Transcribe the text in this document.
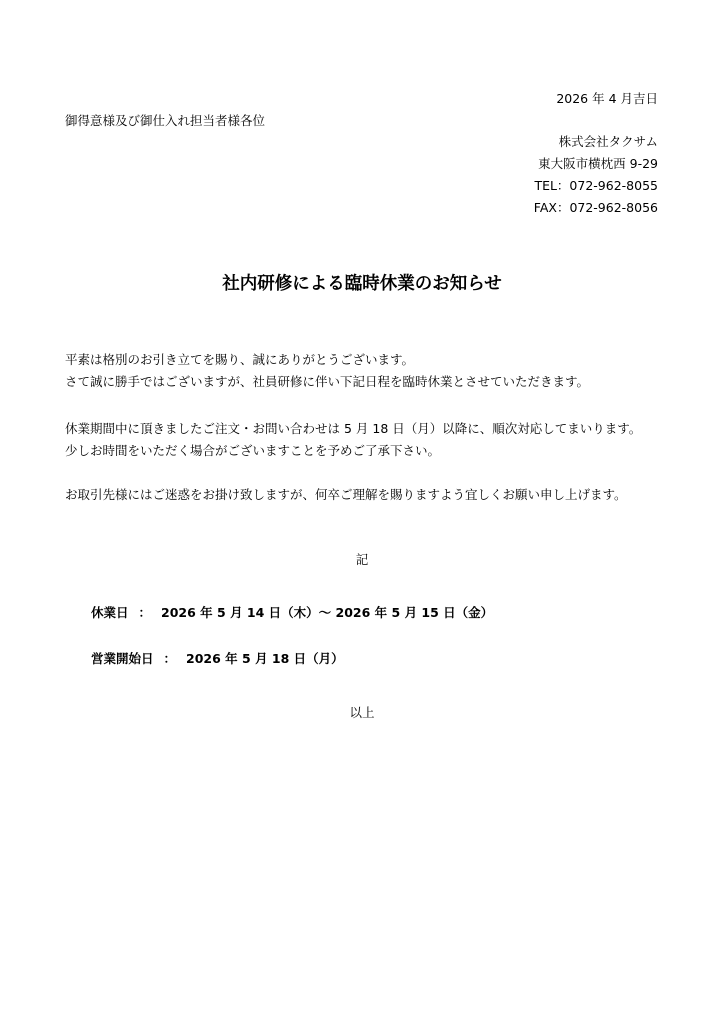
2026 年 4 月吉日
御得意様及び御仕入れ担当者様各位
株式会社タクサム
東大阪市横枕西 9-29
TEL：072-962-8055
FAX：072-962-8056
社内研修による臨時休業のお知らせ
平素は格別のお引き立てを賜り、誠にありがとうございます。
さて誠に勝手ではございますが、社員研修に伴い下記日程を臨時休業とさせていただきます。
休業期間中に頂きましたご注文・お問い合わせは 5 月 18 日（月）以降に、順次対応してまいります。
少しお時間をいただく場合がございますことを予めご了承下さい。
お取引先様にはご迷惑をお掛け致しますが、何卒ご理解を賜りますよう宜しくお願い申し上げます。
記
休業日 ： 2026 年 5 月 14 日（木）～ 2026 年 5 月 15 日（金）
営業開始日 ： 2026 年 5 月 18 日（月）
以上
